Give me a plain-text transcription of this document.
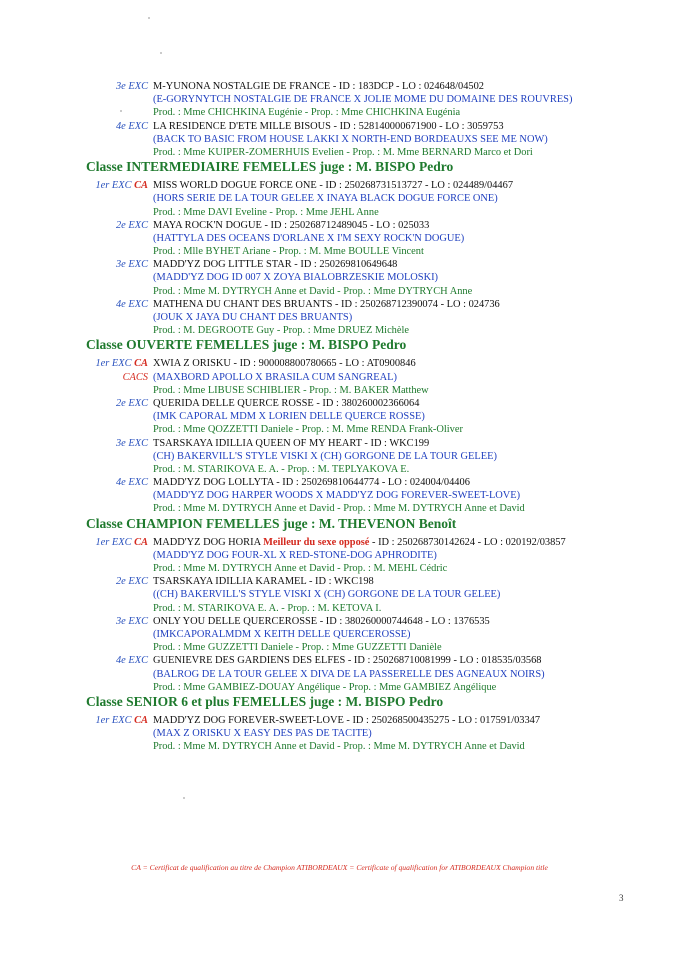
3e EXC M-YUNONA NOSTALGIE DE FRANCE - ID : 183DCP - LO : 024648/04502
(E-GORYNYTCH NOSTALGIE DE FRANCE X JOLIE MOME DU DOMAINE DES ROUVRES)
Prod. : Mme CHICHKINA Eugénie - Prop. : Mme CHICHKINA Eugénia
4e EXC LA RESIDENCE D'ETE MILLE BISOUS - ID : 528140000671900 - LO : 3059753
(BACK TO BASIC FROM HOUSE LAKKI X NORTH-END BORDEAUXS SEE ME NOW)
Prod. : Mme KUIPER-ZOMERHUIS Evelien - Prop. : M. Mme BERNARD Marco et Dori
Classe INTERMEDIAIRE FEMELLES juge : M. BISPO Pedro
1er EXC CA MISS WORLD DOGUE FORCE ONE - ID : 250268731513727 - LO : 024489/04467
(HORS SERIE DE LA TOUR GELEE X INAYA BLACK DOGUE FORCE ONE)
Prod. : Mme DAVI Eveline - Prop. : Mme JEHL Anne
2e EXC MAYA ROCK'N DOGUE - ID : 250268712489045 - LO : 025033
(HATTYLA DES OCEANS D'ORLANE X I'M SEXY ROCK'N DOGUE)
Prod. : Mlle BYHET Ariane - Prop. : M. Mme BOULLE Vincent
3e EXC MADD'YZ DOG LITTLE STAR - ID : 250269810649648
(MADD'YZ DOG ID 007 X ZOYA BIALOBRZESKIE MOLOSKI)
Prod. : Mme M. DYTRYCH Anne et David - Prop. : Mme DYTRYCH Anne
4e EXC MATHENA DU CHANT DES BRUANTS - ID : 250268712390074 - LO : 024736
(JOUK X JAYA DU CHANT DES BRUANTS)
Prod. : M. DEGROOTE Guy - Prop. : Mme DRUEZ Michèle
Classe OUVERTE FEMELLES juge : M. BISPO Pedro
1er EXC CA XWIA Z ORISKU - ID : 900008800780665 - LO : AT0900846
CACS (MAXBORD APOLLO X BRASILA CUM SANGREAL)
Prod. : Mme LIBUSE SCHIBLIER - Prop. : M. BAKER Matthew
2e EXC QUERIDA DELLE QUERCE ROSSE - ID : 380260002366064
(IMK CAPORAL MDM X LORIEN DELLE QUERCE ROSSE)
Prod. : Mme QOZZETTI Daniele - Prop. : M. Mme RENDA Frank-Oliver
3e EXC TSARSKAYA IDILLIA QUEEN OF MY HEART - ID : WKC199
(CH) BAKERVILL'S STYLE VISKI X (CH) GORGONE DE LA TOUR GELEE)
Prod. : M. STARIKOVA E. A. - Prop. : M. TEPLYAKOVA E.
4e EXC MADD'YZ DOG LOLLYTA - ID : 250269810644774 - LO : 024004/04406
(MADD'YZ DOG HARPER WOODS X MADD'YZ DOG FOREVER-SWEET-LOVE)
Prod. : Mme M. DYTRYCH Anne et David - Prop. : Mme M. DYTRYCH Anne et David
Classe CHAMPION FEMELLES juge : M. THEVENON Benoît
1er EXC CA MADD'YZ DOG HORIA Meilleur du sexe opposé - ID : 250268730142624 - LO : 020192/03857
(MADD'YZ DOG FOUR-XL X RED-STONE-DOG APHRODITE)
Prod. : Mme M. DYTRYCH Anne et David - Prop. : M. MEHL Cédric
2e EXC TSARSKAYA IDILLIA KARAMEL - ID : WKC198
((CH) BAKERVILL'S STYLE VISKI X (CH) GORGONE DE LA TOUR GELEE)
Prod. : M. STARIKOVA E. A. - Prop. : M. KETOVA I.
3e EXC ONLY YOU DELLE QUERCEROSSE - ID : 380260000744648 - LO : 1376535
(IMKCAPORALMDM X KEITH DELLE QUERCEROSSE)
Prod. : Mme GUZZETTI Daniele - Prop. : Mme GUZZETTI Danièle
4e EXC GUENIEVRE DES GARDIENS DES ELFES - ID : 250268710081999 - LO : 018535/03568
(BALROG DE LA TOUR GELEE X DIVA DE LA PASSERELLE DES AGNEAUX NOIRS)
Prod. : Mme GAMBIEZ-DOUAY Angélique - Prop. : Mme GAMBIEZ Angélique
Classe SENIOR 6 et plus FEMELLES juge : M. BISPO Pedro
1er EXC CA MADD'YZ DOG FOREVER-SWEET-LOVE - ID : 250268500435275 - LO : 017591/03347
(MAX Z ORISKU X EASY DES PAS DE TACITE)
Prod. : Mme M. DYTRYCH Anne et David - Prop. : Mme M. DYTRYCH Anne et David
CA = Certificat de qualification au titre de Champion ATIBORDEAUX = Certificate of qualification for ATIBORDEAUX Champion title
3
